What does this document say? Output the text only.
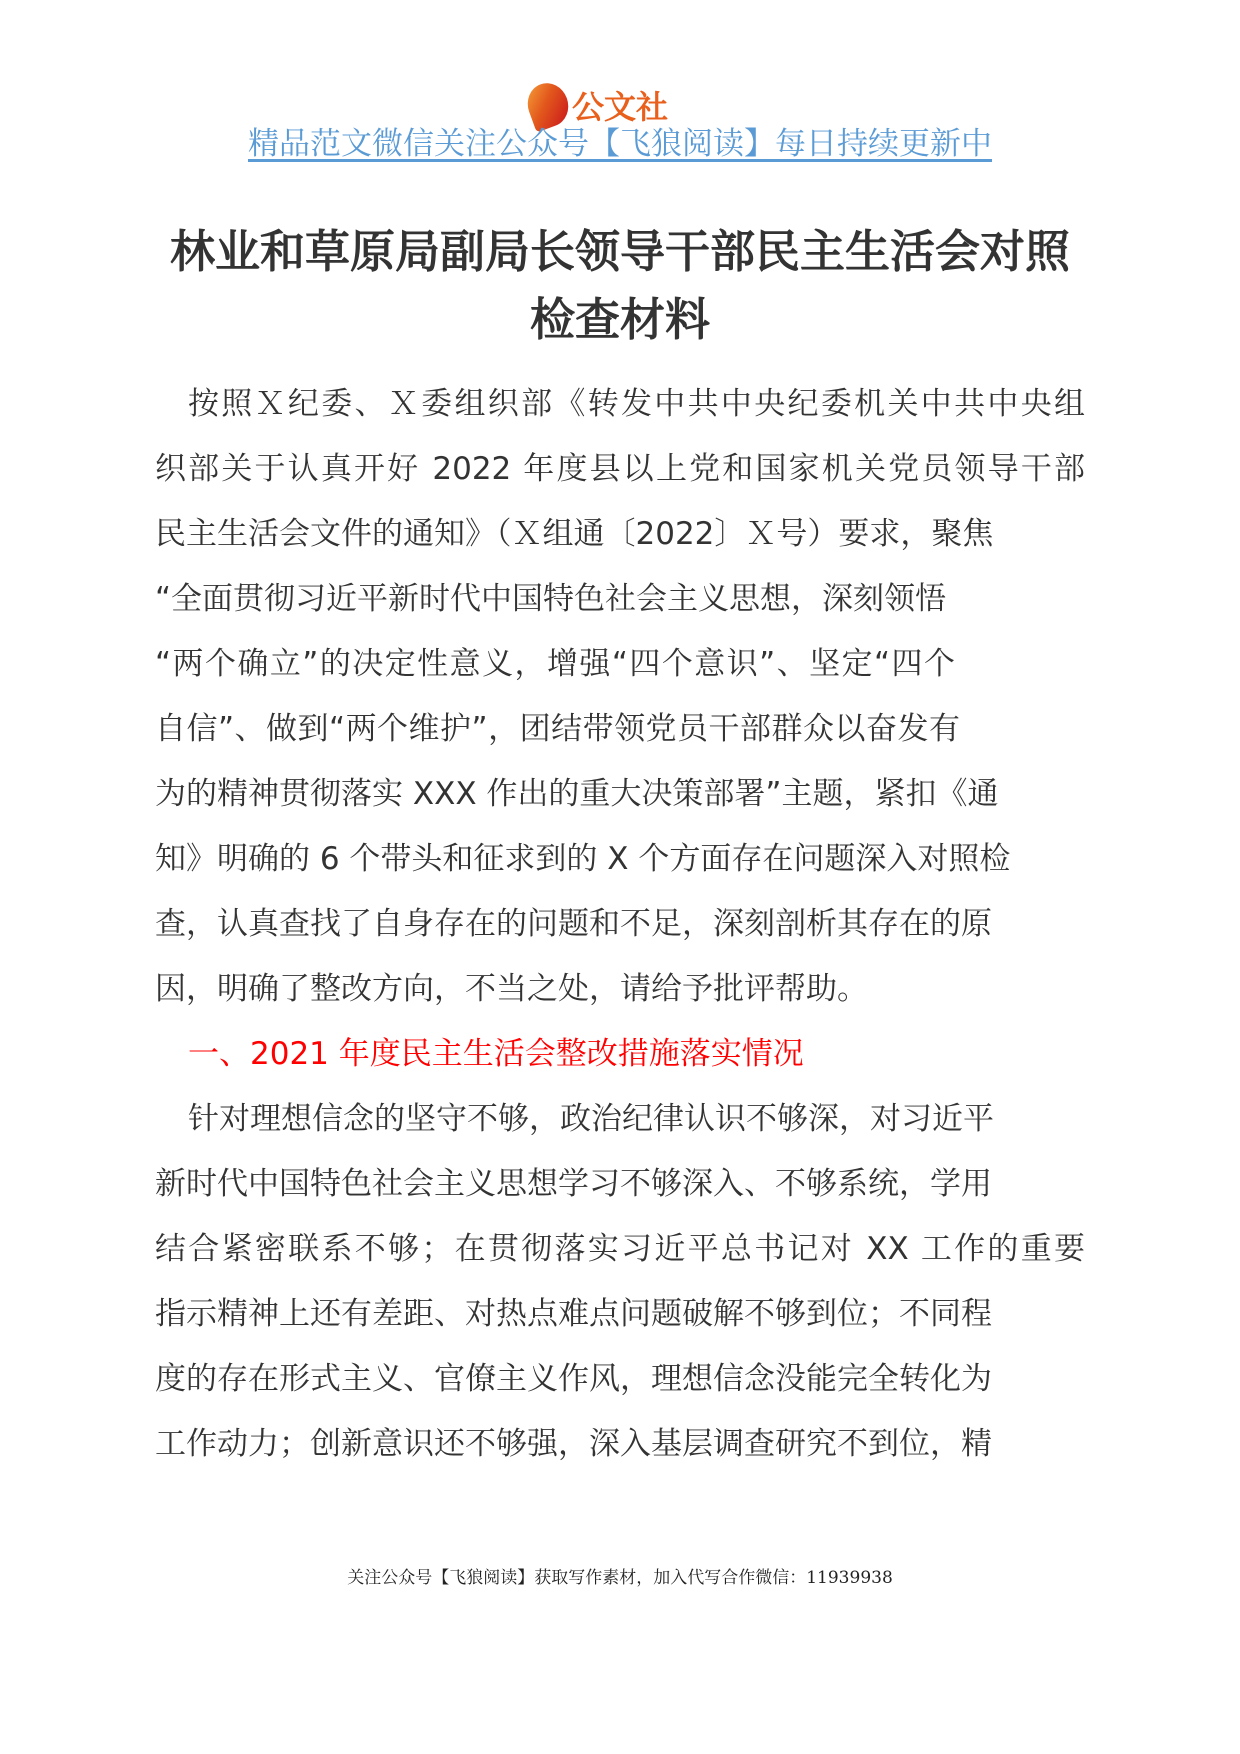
公文社
精品范文微信关注公众号【飞狼阅读】每日持续更新中
林业和草原局副局长领导干部民主生活会对照
检查材料
按照Ｘ纪委、Ｘ委组织部《转发中共中央纪委机关中共中央组
织部关于认真开好 2022 年度县以上党和国家机关党员领导干部
民主生活会文件的通知》（Ｘ组通〔2022〕Ｘ号）要求，聚焦
“全面贯彻习近平新时代中国特色社会主义思想，深刻领悟
“两个确立”的决定性意义，增强“四个意识”、坚定“四个
自信”、做到“两个维护”，团结带领党员干部群众以奋发有
为的精神贯彻落实 XXX 作出的重大决策部署”主题，紧扣《通
知》明确的 6 个带头和征求到的 X 个方面存在问题深入对照检
查，认真查找了自身存在的问题和不足，深刻剖析其存在的原
因，明确了整改方向，不当之处，请给予批评帮助。
一、2021 年度民主生活会整改措施落实情况
针对理想信念的坚守不够，政治纪律认识不够深，对习近平
新时代中国特色社会主义思想学习不够深入、不够系统，学用
结合紧密联系不够；在贯彻落实习近平总书记对 XX 工作的重要
指示精神上还有差距、对热点难点问题破解不够到位；不同程
度的存在形式主义、官僚主义作风，理想信念没能完全转化为
工作动力；创新意识还不够强，深入基层调查研究不到位，精
关注公众号【飞狼阅读】获取写作素材，加入代写合作微信：11939938
